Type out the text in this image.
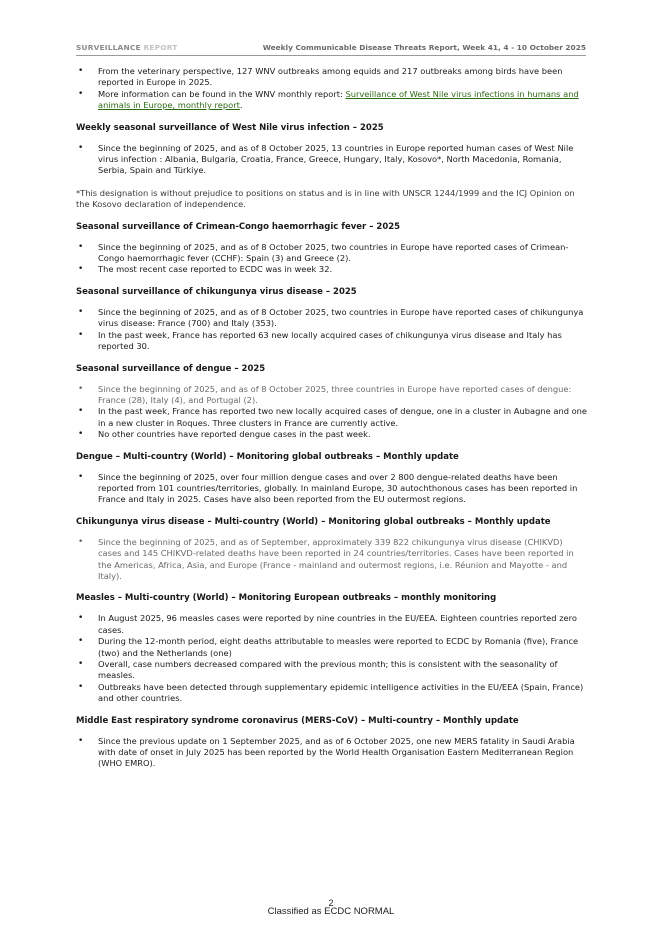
SURVEILLANCE REPORT	Weekly Communicable Disease Threats Report, Week 41, 4 - 10 October 2025
• From the veterinary perspective, 127 WNV outbreaks among equids and 217 outbreaks among birds have been reported in Europe in 2025.
• More information can be found in the WNV monthly report: Surveillance of West Nile virus infections in humans and animals in Europe, monthly report.
Weekly seasonal surveillance of West Nile virus infection – 2025
• Since the beginning of 2025, and as of 8 October 2025, 13 countries in Europe reported human cases of West Nile virus infection : Albania, Bulgaria, Croatia, France, Greece, Hungary, Italy, Kosovo*, North Macedonia, Romania, Serbia, Spain and Türkiye.

*This designation is without prejudice to positions on status and is in line with UNSCR 1244/1999 and the ICJ Opinion on the Kosovo declaration of independence.

Seasonal surveillance of Crimean-Congo haemorrhagic fever – 2025
• Since the beginning of 2025, and as of 8 October 2025, two countries in Europe have reported cases of Crimean-Congo haemorrhagic fever (CCHF): Spain (3) and Greece (2).
• The most recent case reported to ECDC was in week 32.
Seasonal surveillance of chikungunya virus disease – 2025
• Since the beginning of 2025, and as of 8 October 2025, two countries in Europe have reported cases of chikungunya virus disease: France (700) and Italy (353).
• In the past week, France has reported 63 new locally acquired cases of chikungunya virus disease and Italy has reported 30.
Seasonal surveillance of dengue – 2025
• Since the beginning of 2025, and as of 8 October 2025, three countries in Europe have reported cases of dengue: France (28), Italy (4), and Portugal (2).
• In the past week, France has reported two new locally acquired cases of dengue, one in a cluster in Aubagne and one in a new cluster in Roques. Three clusters in France are currently active.
• No other countries have reported dengue cases in the past week.
Dengue – Multi-country (World) – Monitoring global outbreaks – Monthly update
• Since the beginning of 2025, over four million dengue cases and over 2 800 dengue-related deaths have been reported from 101 countries/territories, globally. In mainland Europe, 30 autochthonous cases has been reported in France and Italy in 2025. Cases have also been reported from the EU outermost regions.
Chikungunya virus disease – Multi-country (World) – Monitoring global outbreaks – Monthly update
• Since the beginning of 2025, and as of September, approximately 339 822 chikungunya virus disease (CHIKVD) cases and 145 CHIKVD-related deaths have been reported in 24 countries/territories. Cases have been reported in the Americas, Africa, Asia, and Europe (France - mainland and outermost regions, i.e. Réunion and Mayotte - and Italy).
Measles – Multi-country (World) – Monitoring European outbreaks – monthly monitoring
• In August 2025, 96 measles cases were reported by nine countries in the EU/EEA. Eighteen countries reported zero cases.
• During the 12-month period, eight deaths attributable to measles were reported to ECDC by Romania (five), France (two) and the Netherlands (one)
• Overall, case numbers decreased compared with the previous month; this is consistent with the seasonality of measles.
• Outbreaks have been detected through supplementary epidemic intelligence activities in the EU/EEA (Spain, France) and other countries.
Middle East respiratory syndrome coronavirus (MERS-CoV) – Multi-country – Monthly update
• Since the previous update on 1 September 2025, and as of 6 October 2025, one new MERS fatality in Saudi Arabia with date of onset in July 2025 has been reported by the World Health Organisation Eastern Mediterranean Region (WHO EMRO).
2
Classified as ECDC NORMAL
